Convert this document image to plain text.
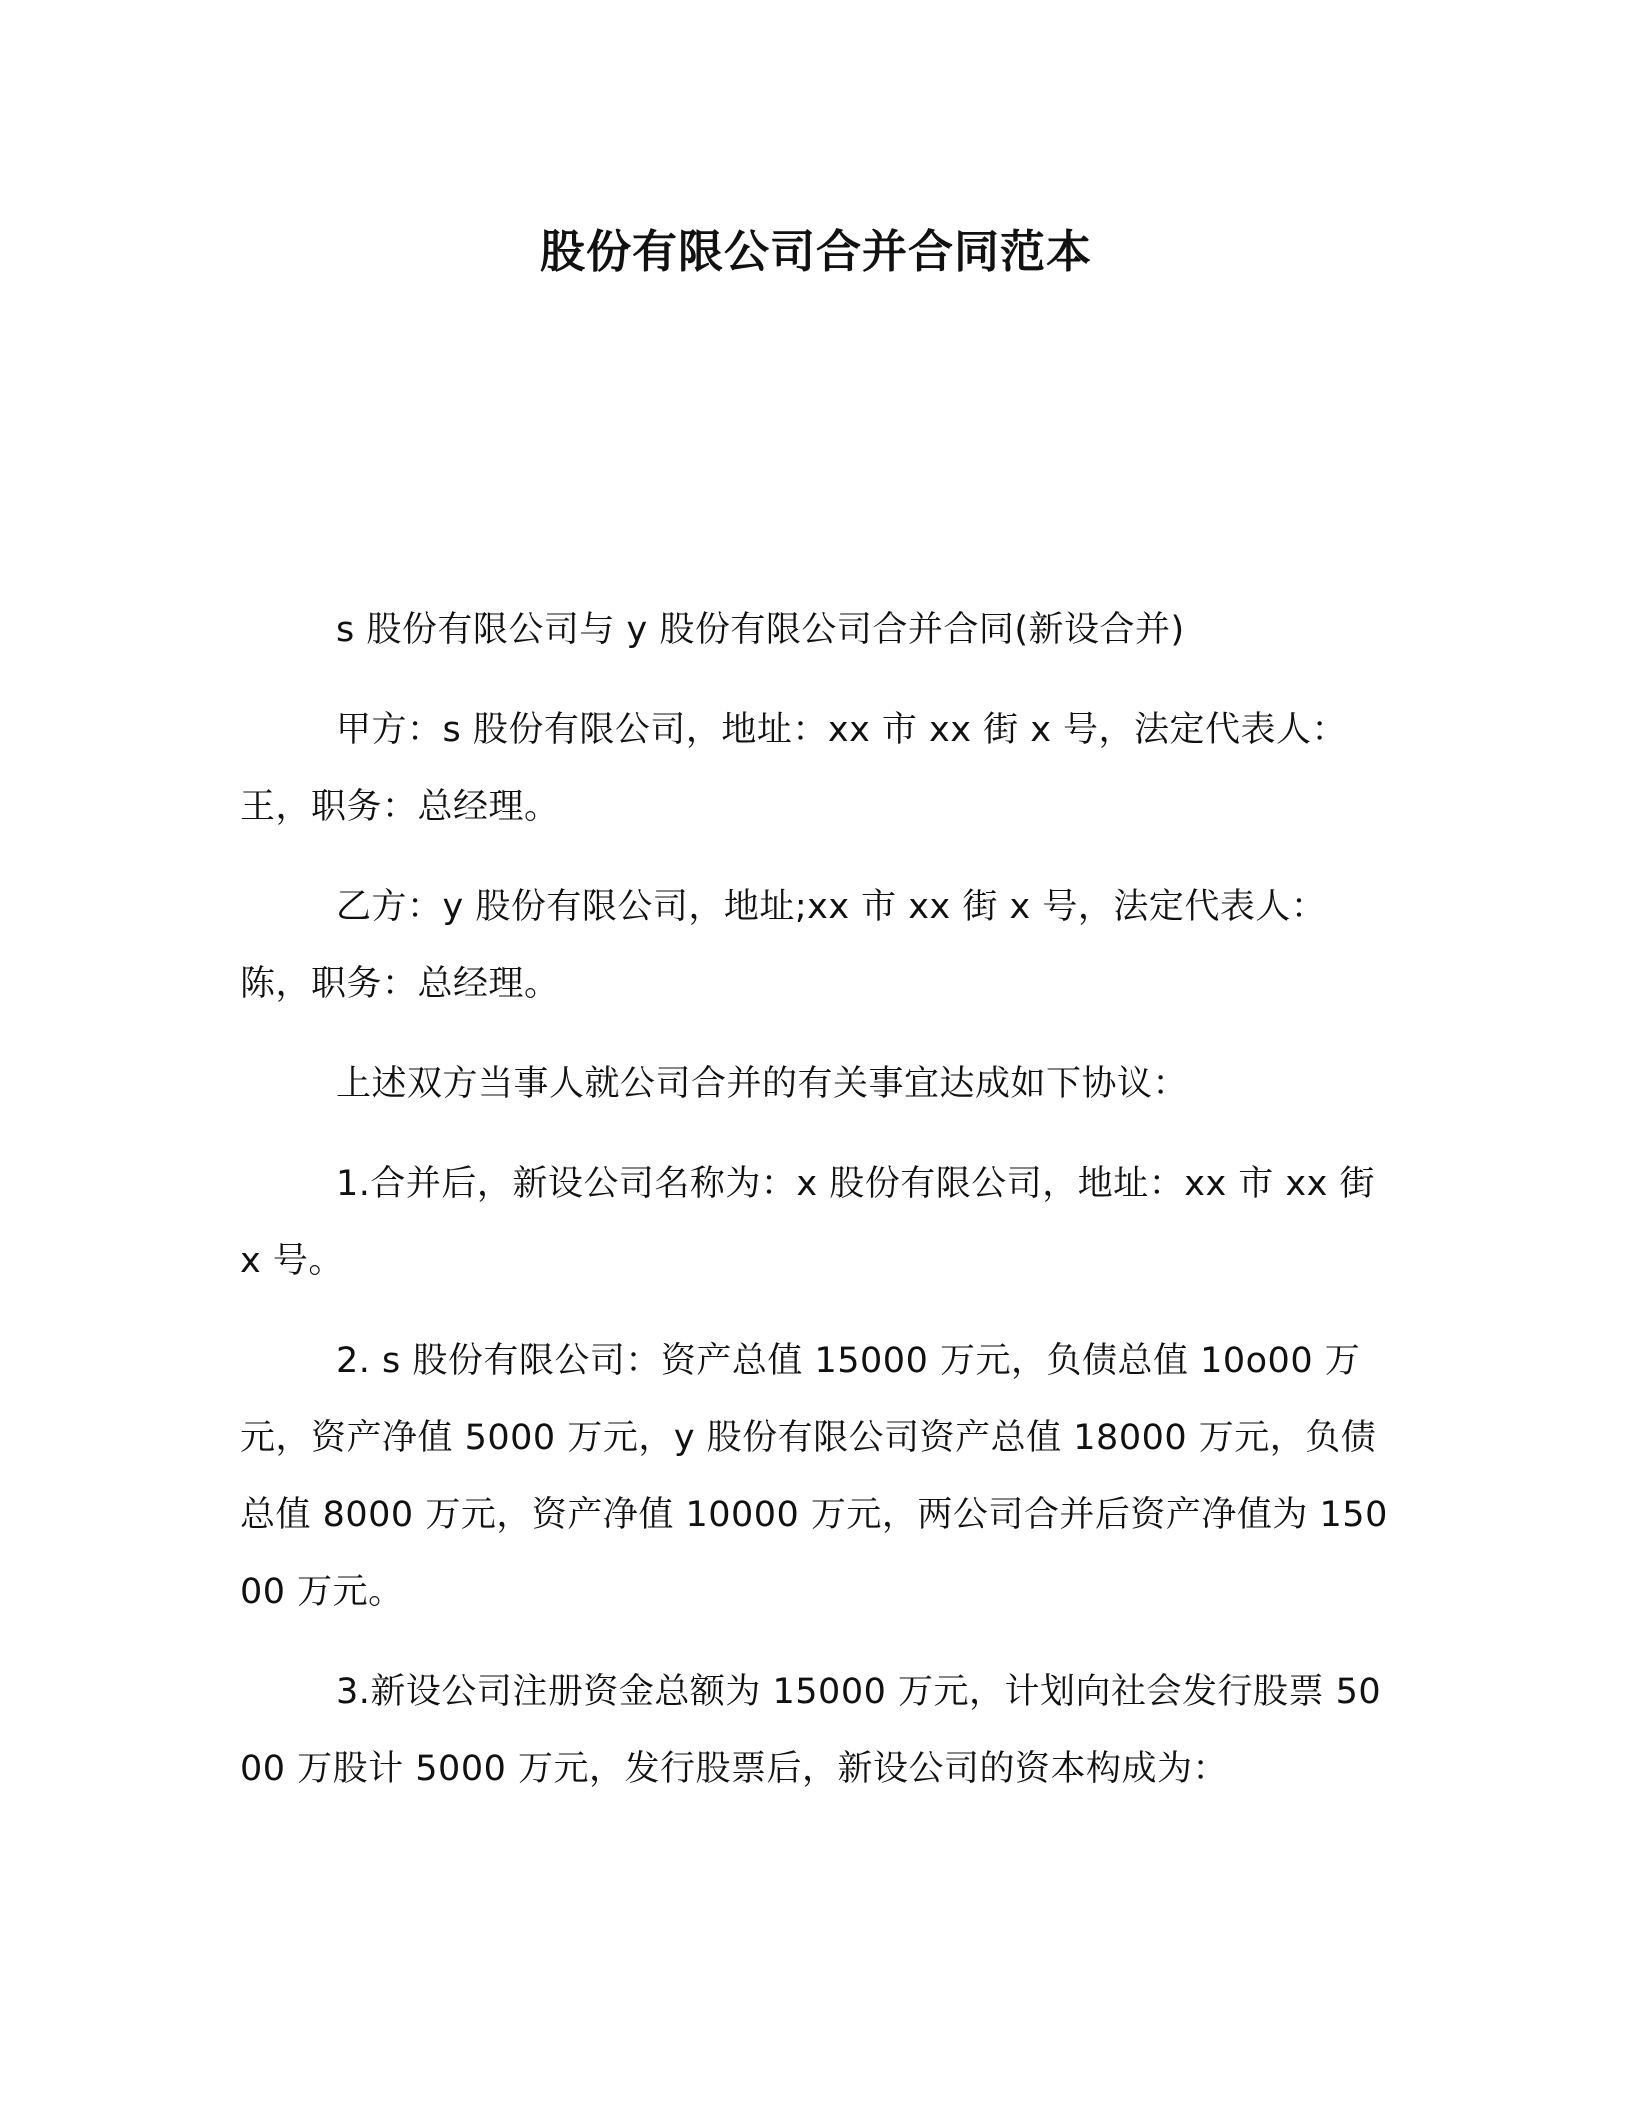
股份有限公司合并合同范本

s 股份有限公司与 y 股份有限公司合并合同(新设合并)

甲方：s 股份有限公司，地址：xx 市 xx 街 x 号，法定代表人：王，职务：总经理。

乙方：y 股份有限公司，地址;xx 市 xx 街 x 号，法定代表人：陈，职务：总经理。

上述双方当事人就公司合并的有关事宜达成如下协议：

1.合并后，新设公司名称为：x 股份有限公司，地址：xx 市 xx 街 x 号。

2. s 股份有限公司：资产总值 15000 万元，负债总值 10o00 万元，资产净值 5000 万元，y 股份有限公司资产总值 18000 万元，负债总值 8000 万元，资产净值 10000 万元，两公司合并后资产净值为 15000 万元。

3.新设公司注册资金总额为 15000 万元，计划向社会发行股票 5000 万股计 5000 万元，发行股票后，新设公司的资本构成为：
